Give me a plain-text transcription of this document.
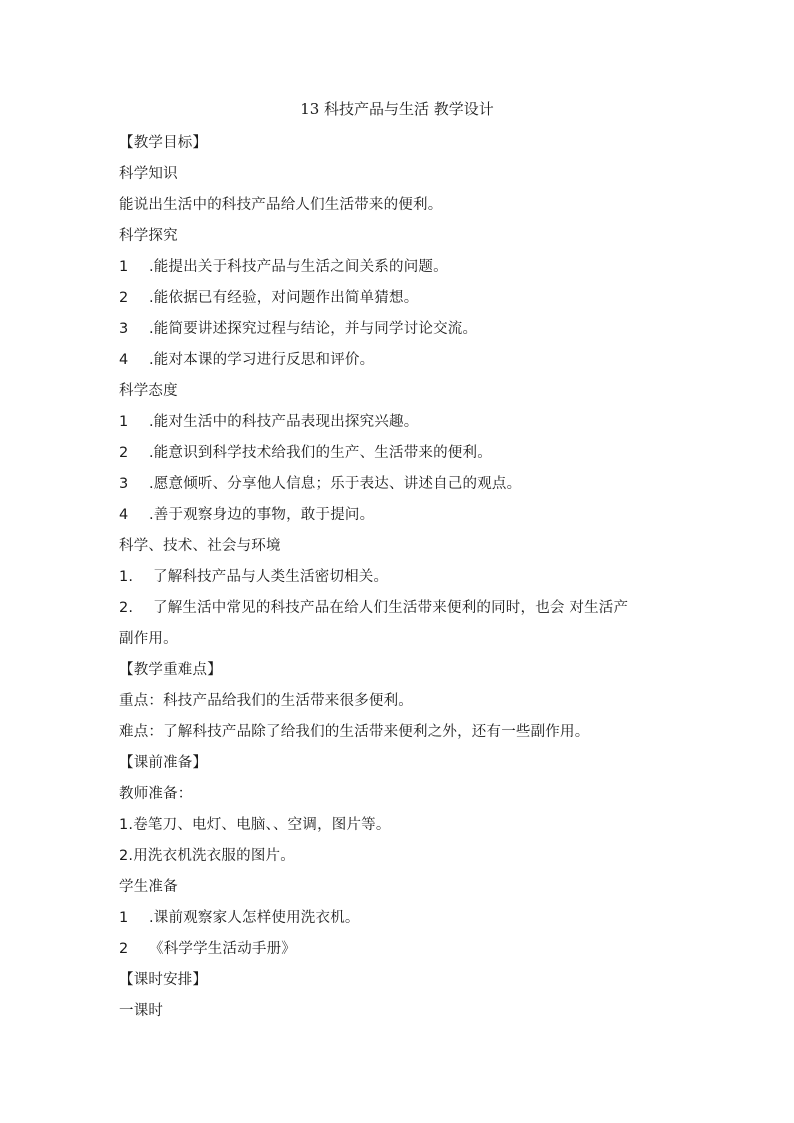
13 科技产品与生活 教学设计
【教学目标】
科学知识
能说出生活中的科技产品给人们生活带来的便利。
科学探究
1 .能提出关于科技产品与生活之间关系的问题。
2 .能依据已有经验，对问题作出简单猜想。
3 .能简要讲述探究过程与结论，并与同学讨论交流。
4 .能对本课的学习进行反思和评价。
科学态度
1 .能对生活中的科技产品表现出探究兴趣。
2 .能意识到科学技术给我们的生产、生活带来的便利。
3 .愿意倾听、分享他人信息；乐于表达、讲述自己的观点。
4 .善于观察身边的事物，敢于提问。
科学、技术、社会与环境
1. 了解科技产品与人类生活密切相关。
2. 了解生活中常见的科技产品在给人们生活带来便利的同时，也会 对生活产
副作用。
【教学重难点】
重点：科技产品给我们的生活带来很多便利。
难点：了解科技产品除了给我们的生活带来便利之外，还有一些副作用。
【课前准备】
教师准备：
1.卷笔刀、电灯、电脑、、空调，图片等。
2.用洗衣机洗衣服的图片。
学生准备
1 .课前观察家人怎样使用洗衣机。
2 《科学学生活动手册》
【课时安排】
一课时
